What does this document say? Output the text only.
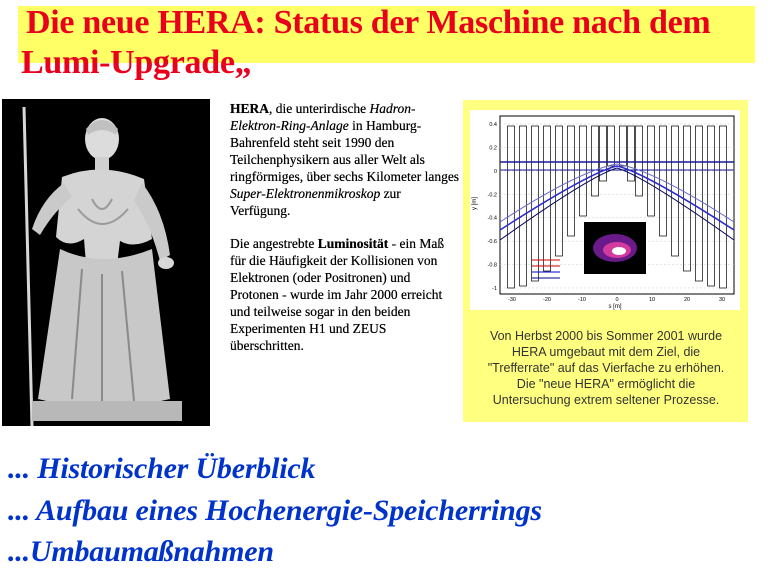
Die neue HERA: Status der Maschine nach dem
Lumi-Upgrade„

HERA, die unterirdische Hadron-Elektron-Ring-Anlage in Hamburg-Bahrenfeld steht seit 1990 den Teilchenphysikern aus aller Welt als ringförmiges, über sechs Kilometer langes Super-Elektronenmikroskop zur Verfügung.

Die angestrebte Luminosität - ein Maß für die Häufigkeit der Kollisionen von Elektronen (oder Positronen) und Protonen - wurde im Jahr 2000 erreicht und teilweise sogar in den beiden Experimenten H1 und ZEUS überschritten.

0.4
0.2
0
-0.2
-0.4
-0.6
-0.8
-1
-30	-20	-10	0	10	20	30
y [m]
s [m]

Von Herbst 2000 bis Sommer 2001 wurde

HERA umgebaut mit dem Ziel, die

"Trefferrate" auf das Vierfache zu erhöhen.

Die "neue HERA" ermöglicht die

Untersuchung extrem seltener Prozesse.

... Historischer Überblick
... Aufbau eines Hochenergie-Speicherrings
...Umbaumaßnahmen
